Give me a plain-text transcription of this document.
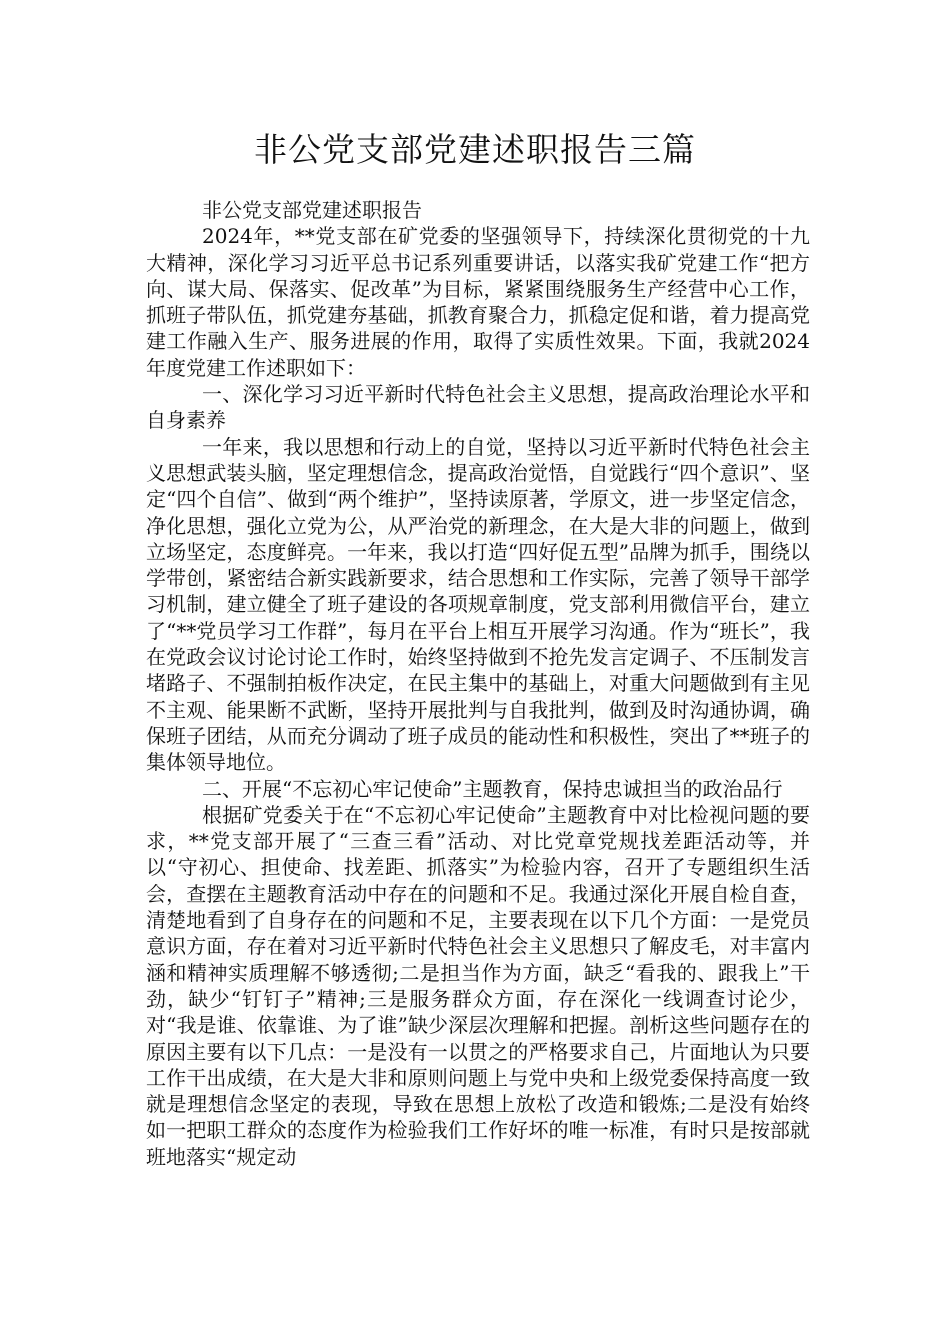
非公党支部党建述职报告三篇

非公党支部党建述职报告

2024年，**党支部在矿党委的坚强领导下，持续深化贯彻党的十九大精神，深化学习习近平总书记系列重要讲话，以落实我矿党建工作“把方向、谋大局、保落实、促改革”为目标，紧紧围绕服务生产经营中心工作，抓班子带队伍，抓党建夯基础，抓教育聚合力，抓稳定促和谐，着力提高党建工作融入生产、服务进展的作用，取得了实质性效果。下面，我就2024年度党建工作述职如下：

一、深化学习习近平新时代特色社会主义思想，提高政治理论水平和自身素养

一年来，我以思想和行动上的自觉，坚持以习近平新时代特色社会主义思想武装头脑，坚定理想信念，提高政治觉悟，自觉践行“四个意识”、坚定“四个自信”、做到“两个维护”，坚持读原著，学原文，进一步坚定信念，净化思想，强化立党为公，从严治党的新理念，在大是大非的问题上，做到立场坚定，态度鲜亮。一年来，我以打造“四好促五型”品牌为抓手，围绕以学带创，紧密结合新实践新要求，结合思想和工作实际，完善了领导干部学习机制，建立健全了班子建设的各项规章制度，党支部利用微信平台，建立了“**党员学习工作群”，每月在平台上相互开展学习沟通。作为“班长”，我在党政会议讨论讨论工作时，始终坚持做到不抢先发言定调子、不压制发言堵路子、不强制拍板作决定，在民主集中的基础上，对重大问题做到有主见不主观、能果断不武断，坚持开展批判与自我批判，做到及时沟通协调，确保班子团结，从而充分调动了班子成员的能动性和积极性，突出了**班子的集体领导地位。

二、开展“不忘初心牢记使命”主题教育，保持忠诚担当的政治品行

根据矿党委关于在“不忘初心牢记使命”主题教育中对比检视问题的要求，**党支部开展了“三查三看”活动、对比党章党规找差距活动等，并以“守初心、担使命、找差距、抓落实”为检验内容，召开了专题组织生活会，查摆在主题教育活动中存在的问题和不足。我通过深化开展自检自查，清楚地看到了自身存在的问题和不足，主要表现在以下几个方面：一是党员意识方面，存在着对习近平新时代特色社会主义思想只了解皮毛，对丰富内涵和精神实质理解不够透彻;二是担当作为方面，缺乏“看我的、跟我上”干劲，缺少“钉钉子”精神;三是服务群众方面，存在深化一线调查讨论少，对“我是谁、依靠谁、为了谁”缺少深层次理解和把握。剖析这些问题存在的原因主要有以下几点：一是没有一以贯之的严格要求自己，片面地认为只要工作干出成绩，在大是大非和原则问题上与党中央和上级党委保持高度一致就是理想信念坚定的表现，导致在思想上放松了改造和锻炼;二是没有始终如一把职工群众的态度作为检验我们工作好坏的唯一标准，有时只是按部就班地落实“规定动
